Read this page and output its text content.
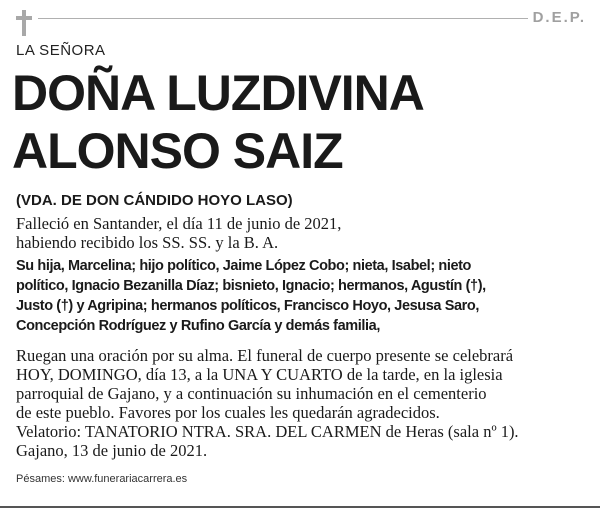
D.E.P.
LA SEÑORA
DOÑA LUZDIVINA
ALONSO SAIZ
(VDA. DE DON CÁNDIDO HOYO LASO)
Falleció en Santander, el día 11 de junio de 2021,
habiendo recibido los SS. SS. y la B. A.
Su hija, Marcelina; hijo político, Jaime López Cobo; nieta, Isabel; nieto
político, Ignacio Bezanilla Díaz; bisnieto, Ignacio; hermanos, Agustín (†),
Justo (†) y Agripina; hermanos políticos, Francisco Hoyo, Jesusa Saro,
Concepción Rodríguez y Rufino García y demás familia,
Ruegan una oración por su alma. El funeral de cuerpo presente se celebrará
HOY, DOMINGO, día 13, a la UNA Y CUARTO de la tarde, en la iglesia
parroquial de Gajano, y a continuación su inhumación en el cementerio
de este pueblo. Favores por los cuales les quedarán agradecidos.
Velatorio: TANATORIO NTRA. SRA. DEL CARMEN de Heras (sala nº 1).
Gajano, 13 de junio de 2021.
Pésames: www.funerariacarrera.es
